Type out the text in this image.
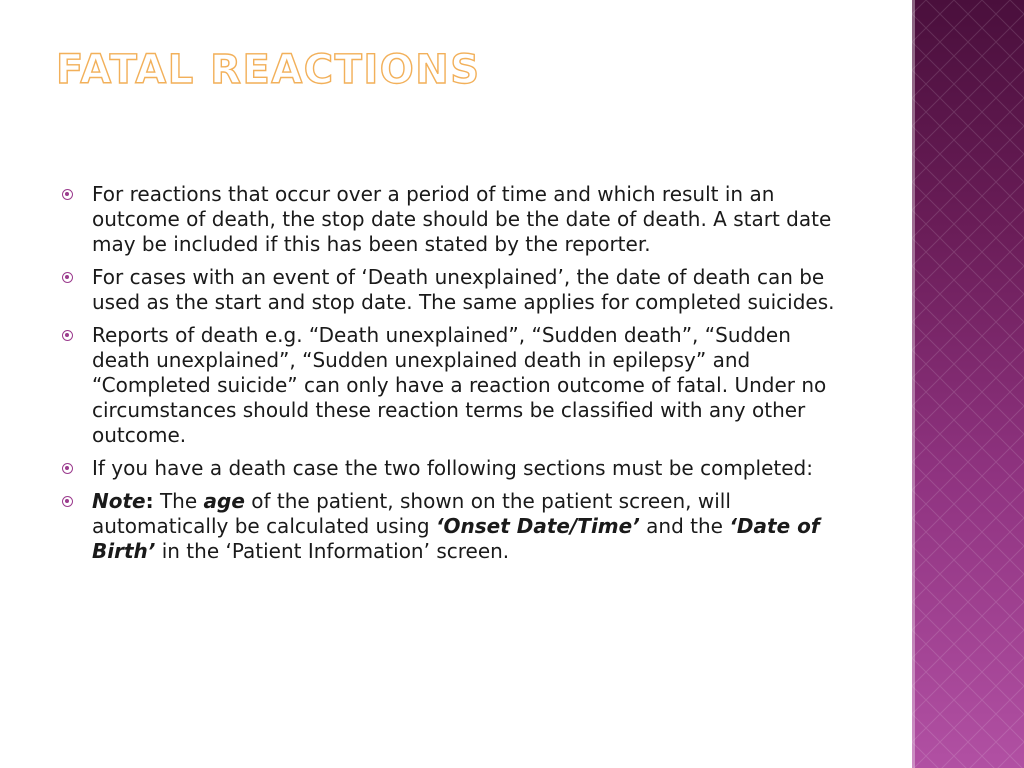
FATAL REACTIONS
For reactions that occur over a period of time and which result in an outcome of death, the stop date should be the date of death. A start date may be included if this has been stated by the reporter.
For cases with an event of ‘Death unexplained’, the date of death can be used as the start and stop date. The same applies for completed suicides.
Reports of death e.g. “Death unexplained”, “Sudden death”, “Sudden death unexplained”, “Sudden unexplained death in epilepsy” and “Completed suicide” can only have a reaction outcome of fatal. Under no circumstances should these reaction terms be classified with any other outcome.
If you have a death case the two following sections must be completed:
Note: The age of the patient, shown on the patient screen, will automatically be calculated using ‘Onset Date/Time’ and the ‘Date of Birth’ in the ‘Patient Information’ screen.
